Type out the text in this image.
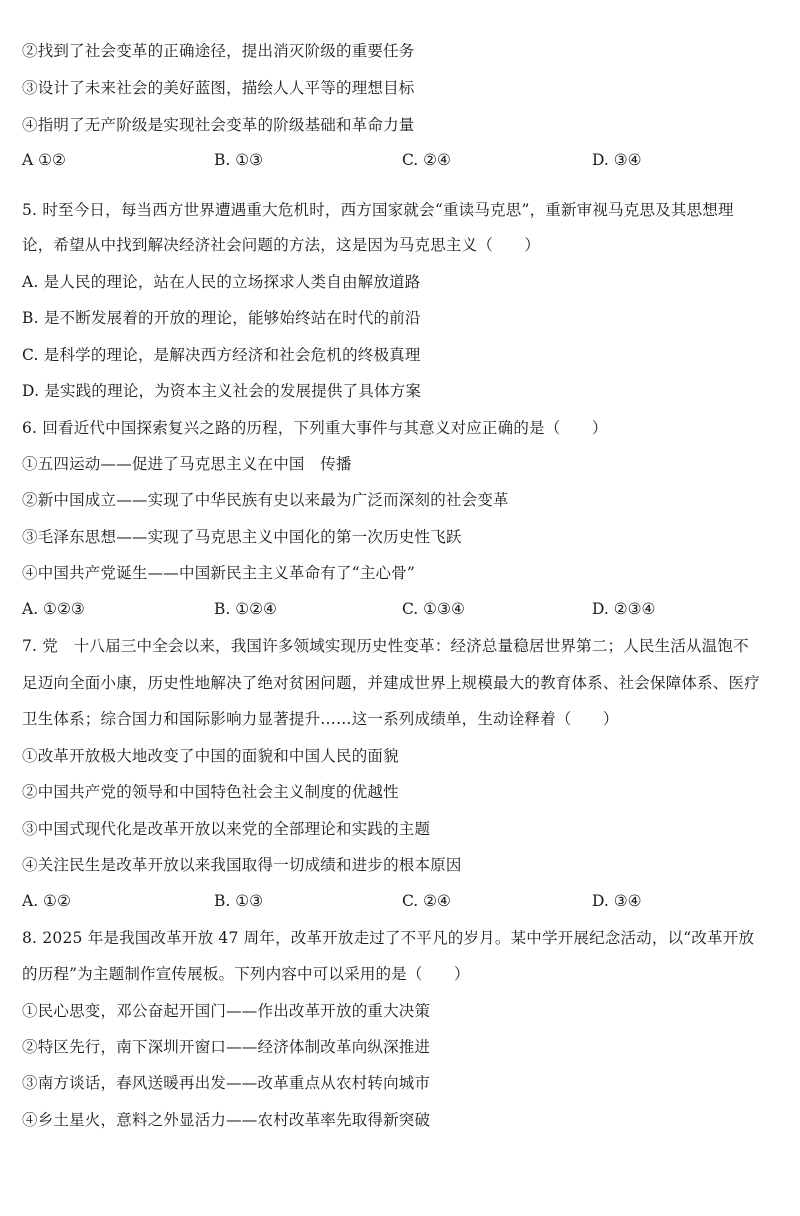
②找到了社会变革的正确途径，提出消灭阶级的重要任务
③设计了未来社会的美好蓝图，描绘人人平等的理想目标
④指明了无产阶级是实现社会变革的阶级基础和革命力量
A ①②	B. ①③	C. ②④	D. ③④
5. 时至今日，每当西方世界遭遇重大危机时，西方国家就会“重读马克思”，重新审视马克思及其思想理
论，希望从中找到解决经济社会问题的方法，这是因为马克思主义（　　）
A. 是人民的理论，站在人民的立场探求人类自由解放道路
B. 是不断发展着的开放的理论，能够始终站在时代的前沿
C. 是科学的理论，是解决西方经济和社会危机的终极真理
D. 是实践的理论，为资本主义社会的发展提供了具体方案
6. 回看近代中国探索复兴之路的历程，下列重大事件与其意义对应正确的是（　　）
①五四运动——促进了马克思主义在中国　传播
②新中国成立——实现了中华民族有史以来最为广泛而深刻的社会变革
③毛泽东思想——实现了马克思主义中国化的第一次历史性飞跃
④中国共产党诞生——中国新民主主义革命有了“主心骨”
A. ①②③	B. ①②④	C. ①③④	D. ②③④
7. 党　十八届三中全会以来，我国许多领域实现历史性变革：经济总量稳居世界第二；人民生活从温饱不
足迈向全面小康，历史性地解决了绝对贫困问题，并建成世界上规模最大的教育体系、社会保障体系、医疗
卫生体系；综合国力和国际影响力显著提升……这一系列成绩单，生动诠释着（　　）
①改革开放极大地改变了中国的面貌和中国人民的面貌
②中国共产党的领导和中国特色社会主义制度的优越性
③中国式现代化是改革开放以来党的全部理论和实践的主题
④关注民生是改革开放以来我国取得一切成绩和进步的根本原因
A. ①②	B. ①③	C. ②④	D. ③④
8. 2025 年是我国改革开放 47 周年，改革开放走过了不平凡的岁月。某中学开展纪念活动，以“改革开放
的历程”为主题制作宣传展板。下列内容中可以采用的是（　　）
①民心思变，邓公奋起开国门——作出改革开放的重大决策
②特区先行，南下深圳开窗口——经济体制改革向纵深推进
③南方谈话，春风送暖再出发——改革重点从农村转向城市
④乡土星火，意料之外显活力——农村改革率先取得新突破
